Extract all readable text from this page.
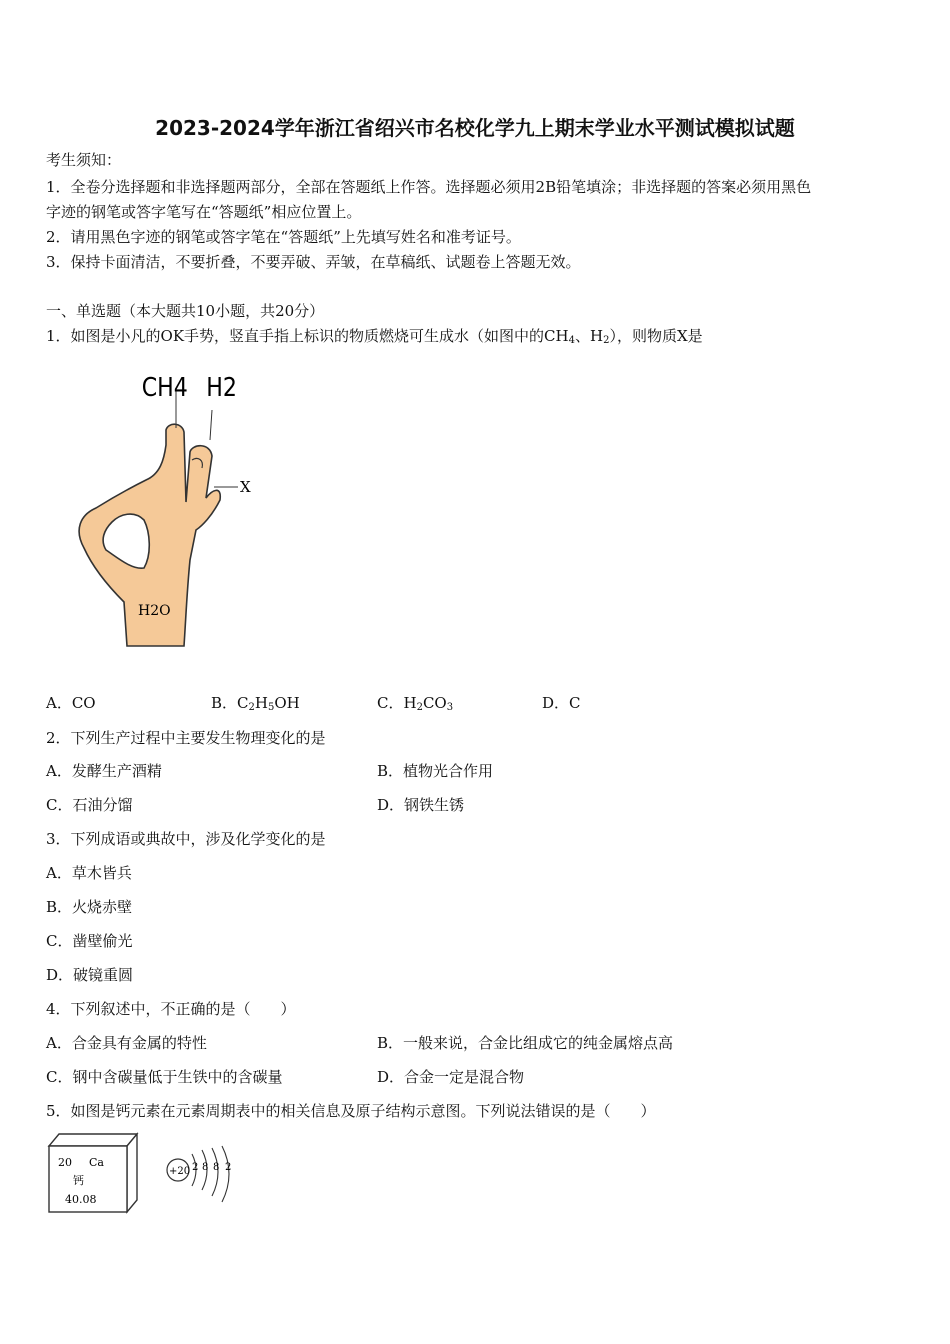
2023-2024学年浙江省绍兴市名校化学九上期末学业水平测试模拟试题
考生须知：
1．全卷分选择题和非选择题两部分，全部在答题纸上作答。选择题必须用2B铅笔填涂；非选择题的答案必须用黑色
字迹的钢笔或答字笔写在“答题纸”相应位置上。
2．请用黑色字迹的钢笔或答字笔在“答题纸”上先填写姓名和准考证号。
3．保持卡面清洁，不要折叠，不要弄破、弄皱，在草稿纸、试题卷上答题无效。
一、单选题（本大题共10小题，共20分）
1．如图是小凡的OK手势，竖直手指上标识的物质燃烧可生成水（如图中的$CH_4$、$H_2$），则物质X是
CH4 H2
X
H2O
A．CO	B．$C_2H_5OH$	C．$H_2CO_3$	D．C
2．下列生产过程中主要发生物理变化的是
A．发酵生产酒精	B．植物光合作用
C．石油分馏	D．钢铁生锈
3．下列成语或典故中，涉及化学变化的是
A．草木皆兵
B．火烧赤壁
C．凿壁偷光
D．破镜重圆
4．下列叙述中，不正确的是（　　）
A．合金具有金属的特性	B．一般来说，合金比组成它的纯金属熔点高
C．钢中含碳量低于生铁中的含碳量	D．合金一定是混合物
5．如图是钙元素在元素周期表中的相关信息及原子结构示意图。下列说法错误的是（　　）
20 Ca
钙
40.08
+20 2 8 8 2
